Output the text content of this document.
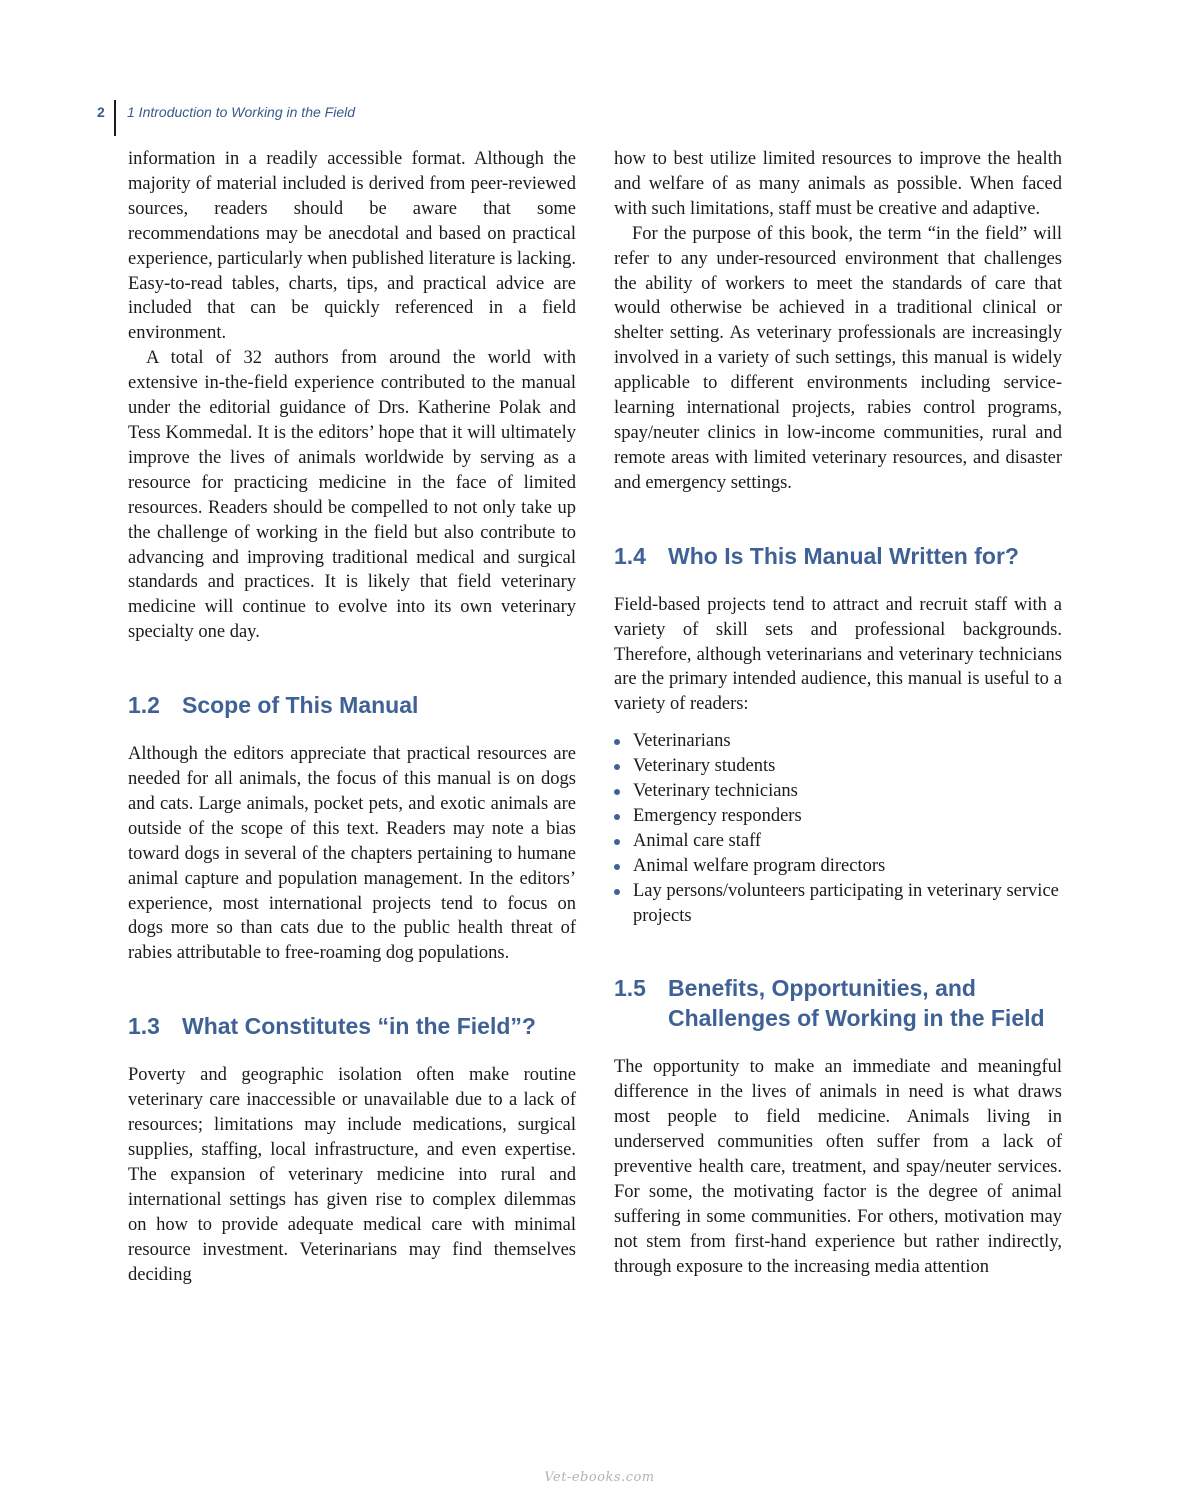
2 1 Introduction to Working in the Field

information in a readily accessible format. Although the majority of material included is derived from peer-reviewed sources, readers should be aware that some recommendations may be anecdotal and based on practical experience, particularly when published literature is lacking. Easy-to-read tables, charts, tips, and practical advice are included that can be quickly referenced in a field environment.

A total of 32 authors from around the world with extensive in-the-field experience contributed to the manual under the editorial guidance of Drs. Katherine Polak and Tess Kommedal. It is the editors’ hope that it will ultimately improve the lives of animals worldwide by serving as a resource for practicing medicine in the face of limited resources. Readers should be compelled to not only take up the challenge of working in the field but also contribute to advancing and improving traditional medical and surgical standards and practices. It is likely that field veterinary medicine will continue to evolve into its own veterinary specialty one day.

1.2 Scope of This Manual

Although the editors appreciate that practical resources are needed for all animals, the focus of this manual is on dogs and cats. Large animals, pocket pets, and exotic animals are outside of the scope of this text. Readers may note a bias toward dogs in several of the chapters pertaining to humane animal capture and population management. In the editors’ experience, most international projects tend to focus on dogs more so than cats due to the public health threat of rabies attributable to free-roaming dog populations.

1.3 What Constitutes “in the Field”?

Poverty and geographic isolation often make routine veterinary care inaccessible or unavailable due to a lack of resources; limitations may include medications, surgical supplies, staffing, local infrastructure, and even expertise. The expansion of veterinary medicine into rural and international settings has given rise to complex dilemmas on how to provide adequate medical care with minimal resource investment. Veterinarians may find themselves deciding

how to best utilize limited resources to improve the health and welfare of as many animals as possible. When faced with such limitations, staff must be creative and adaptive.

For the purpose of this book, the term “in the field” will refer to any under-resourced environment that challenges the ability of workers to meet the standards of care that would otherwise be achieved in a traditional clinical or shelter setting. As veterinary professionals are increasingly involved in a variety of such settings, this manual is widely applicable to different environments including service-learning international projects, rabies control programs, spay/neuter clinics in low-income communities, rural and remote areas with limited veterinary resources, and disaster and emergency settings.

1.4 Who Is This Manual Written for?

Field-based projects tend to attract and recruit staff with a variety of skill sets and professional backgrounds. Therefore, although veterinarians and veterinary technicians are the primary intended audience, this manual is useful to a variety of readers:

Veterinarians
Veterinary students
Veterinary technicians
Emergency responders
Animal care staff
Animal welfare program directors
Lay persons/volunteers participating in veterinary service projects
1.5 Benefits, Opportunities, and Challenges of Working in the Field

The opportunity to make an immediate and meaningful difference in the lives of animals in need is what draws most people to field medicine. Animals living in underserved communities often suffer from a lack of preventive health care, treatment, and spay/neuter services. For some, the motivating factor is the degree of animal suffering in some communities. For others, motivation may not stem from first-hand experience but rather indirectly, through exposure to the increasing media attention

Vet-ebooks.com
